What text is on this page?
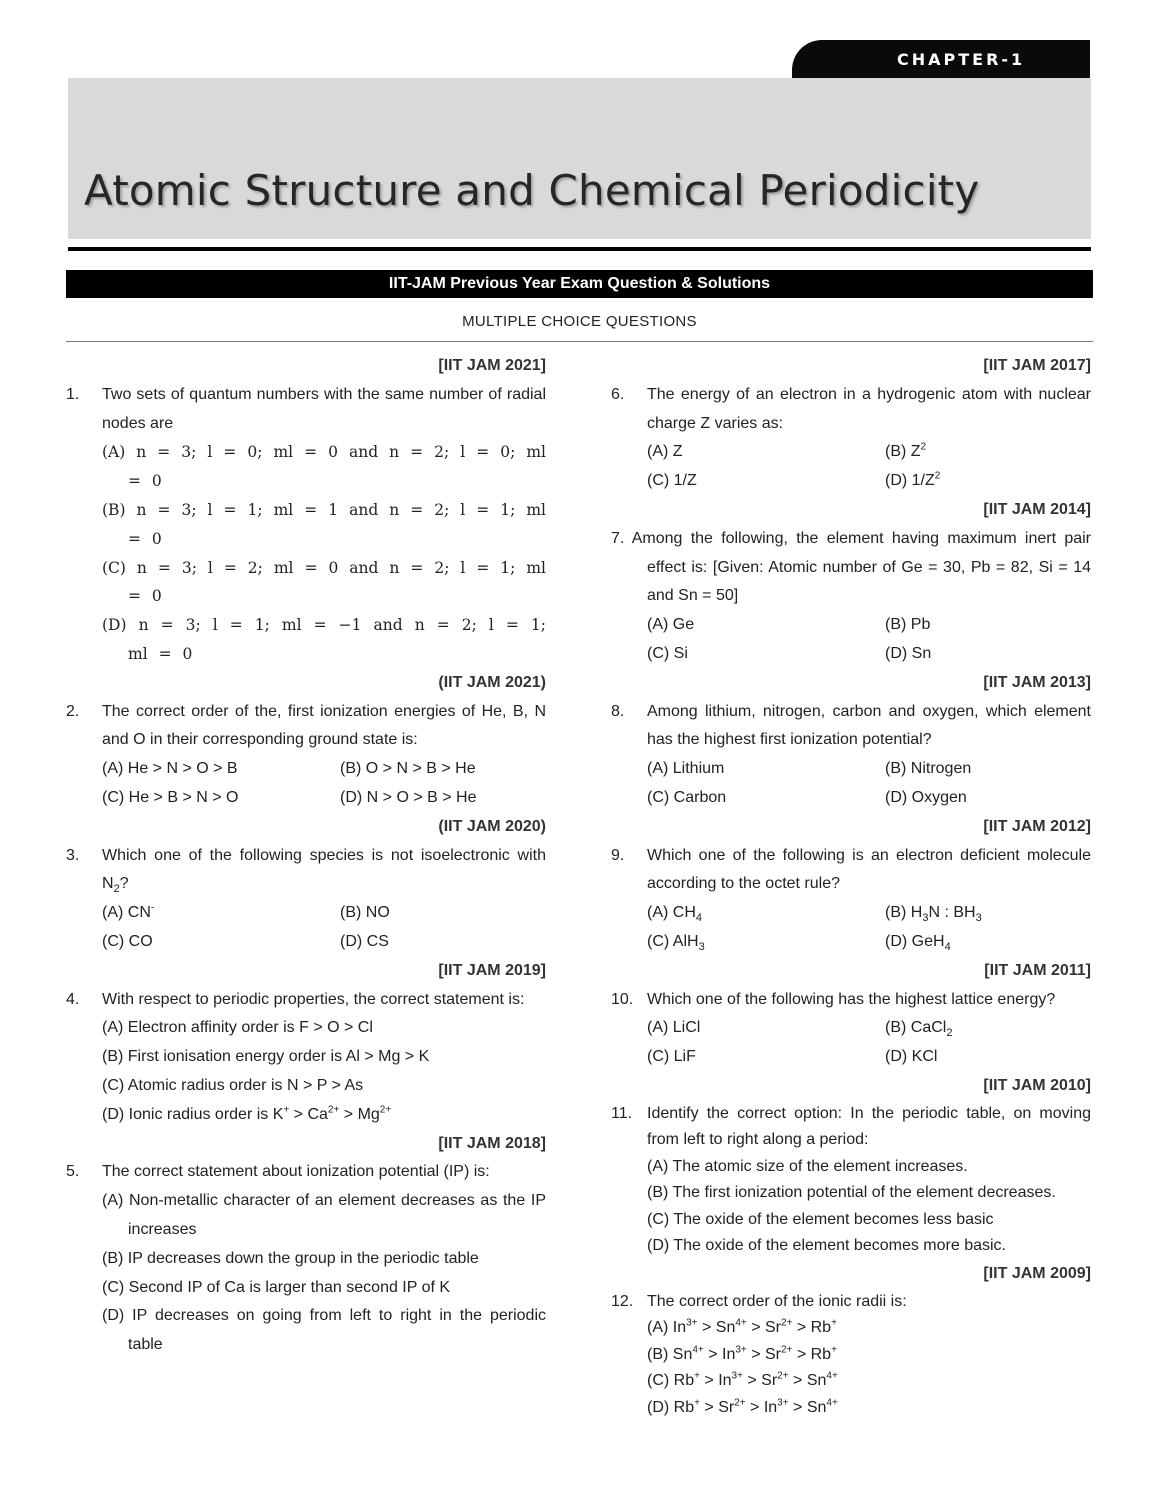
CHAPTER-1
Atomic Structure and Chemical Periodicity
IIT-JAM Previous Year Exam Question & Solutions
MULTIPLE CHOICE QUESTIONS
[IIT JAM 2021]
1.	Two sets of quantum numbers with the same number of radial nodes are
(A) n = 3; l = 0; ml = 0 and n = 2; l = 0; ml = 0
(B) n = 3; l = 1; ml = 1 and n = 2; l = 1; ml = 0
(C) n = 3; l = 2; ml = 0 and n = 2; l = 1; ml = 0
(D) n = 3; l = 1; ml = −1 and n = 2; l = 1; ml = 0
(IIT JAM 2021)
2.	The correct order of the, first ionization energies of He, B, N and O in their corresponding ground state is:
(A) He > N > O > B	(B) O > N > B > He
(C) He > B > N > O	(D) N > O > B > He
(IIT JAM 2020)
3.	Which one of the following species is not isoelectronic with $N_2$?
(A) CN-	(B) NO
(C) CO	(D) CS
[IIT JAM 2019]
4.	With respect to periodic properties, the correct statement is:
(A) Electron affinity order is F > O > Cl
(B) First ionisation energy order is Al > Mg > K
(C) Atomic radius order is N > P > As
(D) Ionic radius order is $K^+ > Ca^{2+} > Mg^{2+}$
[IIT JAM 2018]
5.	The correct statement about ionization potential (IP) is:
(A) Non-metallic character of an element decreases as the IP increases
(B) IP decreases down the group in the periodic table
(C) Second IP of Ca is larger than second IP of K
(D) IP decreases on going from left to right in the periodic table
[IIT JAM 2017]
6.	The energy of an electron in a hydrogenic atom with nuclear charge Z varies as:
(A) Z	(B) $Z^2$
(C) 1/Z	(D) $1/Z^2$
[IIT JAM 2014]
7. Among the following, the element having maximum inert pair effect is: [Given: Atomic number of Ge = 30, Pb = 82, Si = 14 and Sn = 50]
(A) Ge	(B) Pb
(C) Si	(D) Sn
[IIT JAM 2013]
8.	Among lithium, nitrogen, carbon and oxygen, which element has the highest first ionization potential?
(A) Lithium	(B) Nitrogen
(C) Carbon	(D) Oxygen
[IIT JAM 2012]
9.	Which one of the following is an electron deficient molecule according to the octet rule?
(A) $CH_4$	(B) $H_3N$ : $BH_3$
(C) AlH$_3$	(D) GeH$_4$
[IIT JAM 2011]
10. Which one of the following has the highest lattice energy?
(A) LiCl	(B) CaCl$_2$
(C) LiF	(D) KCl
[IIT JAM 2010]
11. Identify the correct option: In the periodic table, on moving from left to right along a period:
(A) The atomic size of the element increases.
(B) The first ionization potential of the element decreases.
(C) The oxide of the element becomes less basic
(D) The oxide of the element becomes more basic.
[IIT JAM 2009]
12. The correct order of the ionic radii is:
(A) $In^{3+} > Sn^{4+} > Sr^{2+} > Rb^+$
(B) $Sn^{4+} > In^{3+} > Sr^{2+} > Rb^+$
(C) $Rb^+ > In^{3+} > Sr^{2+} > Sn^{4+}$
(D) $Rb^+ > Sr^{2+} > In^{3+} > Sn^{4+}$
